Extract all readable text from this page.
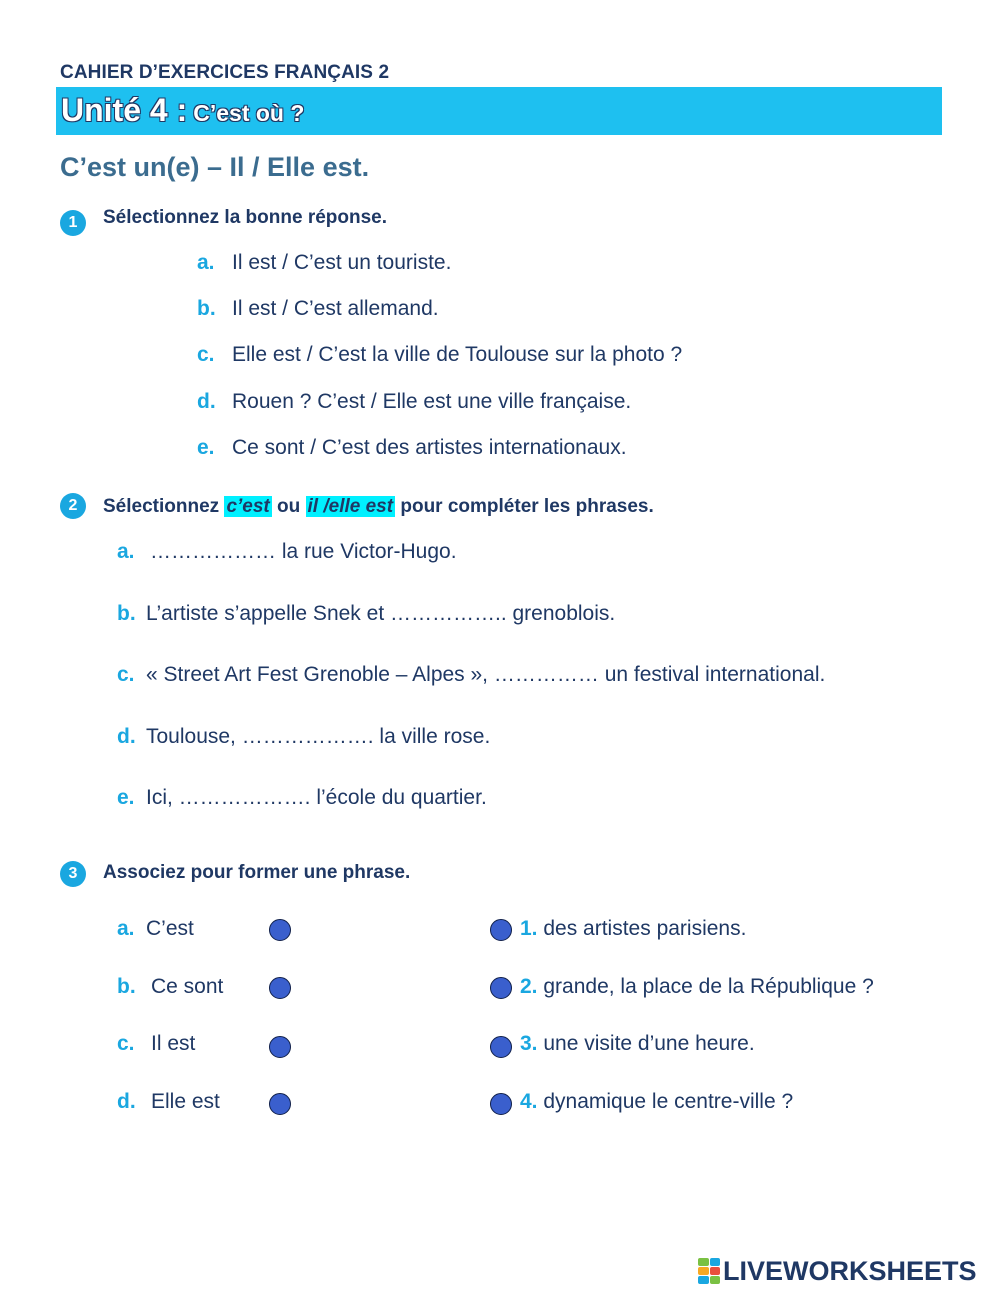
CAHIER D’EXERCICES FRANÇAIS 2
Unité 4 : C’est où ?
C’est un(e) – Il / Elle est.
1	Sélectionnez la bonne réponse.
a. Il est / C’est un touriste.
b. Il est / C’est allemand.
c. Elle est / C’est la ville de Toulouse sur la photo ?
d. Rouen ? C’est / Elle est une ville française.
e. Ce sont / C’est des artistes internationaux.
2	Sélectionnez c’est ou il /elle est pour compléter les phrases.
a. ……………… la rue Victor-Hugo.
b. L’artiste s’appelle Snek et …………….. grenoblois.
c. « Street Art Fest Grenoble – Alpes », …………… un festival international.
d. Toulouse, ………………. la ville rose.
e. Ici, ………………. l’école du quartier.
3	Associez pour former une phrase.
a. C’est
b. Ce sont
c. Il est
d. Elle est
1. des artistes parisiens.
2. grande, la place de la République ?
3. une visite d’une heure.
4. dynamique le centre-ville ?
LIVEWORKSHEETS
